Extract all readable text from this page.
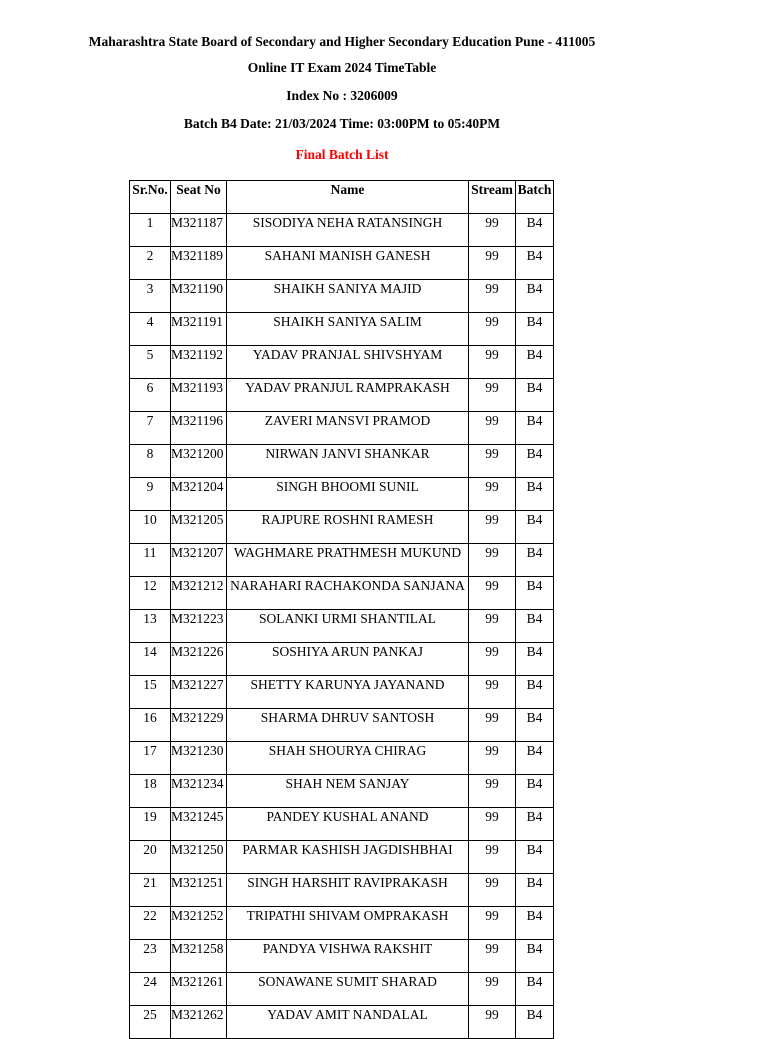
Maharashtra State Board of Secondary and Higher Secondary Education Pune - 411005
Online IT Exam 2024 TimeTable
Index No : 3206009
Batch B4 Date: 21/03/2024 Time: 03:00PM to 05:40PM
Final Batch List
Sr.No.	Seat No	Name	Stream	Batch
1	M321187	SISODIYA NEHA RATANSINGH	99	B4
2	M321189	SAHANI MANISH GANESH	99	B4
3	M321190	SHAIKH SANIYA MAJID	99	B4
4	M321191	SHAIKH SANIYA SALIM	99	B4
5	M321192	YADAV PRANJAL SHIVSHYAM	99	B4
6	M321193	YADAV PRANJUL RAMPRAKASH	99	B4
7	M321196	ZAVERI MANSVI PRAMOD	99	B4
8	M321200	NIRWAN JANVI SHANKAR	99	B4
9	M321204	SINGH BHOOMI SUNIL	99	B4
10	M321205	RAJPURE ROSHNI RAMESH	99	B4
11	M321207	WAGHMARE PRATHMESH MUKUND	99	B4
12	M321212	NARAHARI RACHAKONDA SANJANA	99	B4
13	M321223	SOLANKI URMI SHANTILAL	99	B4
14	M321226	SOSHIYA ARUN PANKAJ	99	B4
15	M321227	SHETTY KARUNYA JAYANAND	99	B4
16	M321229	SHARMA DHRUV SANTOSH	99	B4
17	M321230	SHAH SHOURYA CHIRAG	99	B4
18	M321234	SHAH NEM SANJAY	99	B4
19	M321245	PANDEY KUSHAL ANAND	99	B4
20	M321250	PARMAR KASHISH JAGDISHBHAI	99	B4
21	M321251	SINGH HARSHIT RAVIPRAKASH	99	B4
22	M321252	TRIPATHI SHIVAM OMPRAKASH	99	B4
23	M321258	PANDYA VISHWA RAKSHIT	99	B4
24	M321261	SONAWANE SUMIT SHARAD	99	B4
25	M321262	YADAV AMIT NANDALAL	99	B4
